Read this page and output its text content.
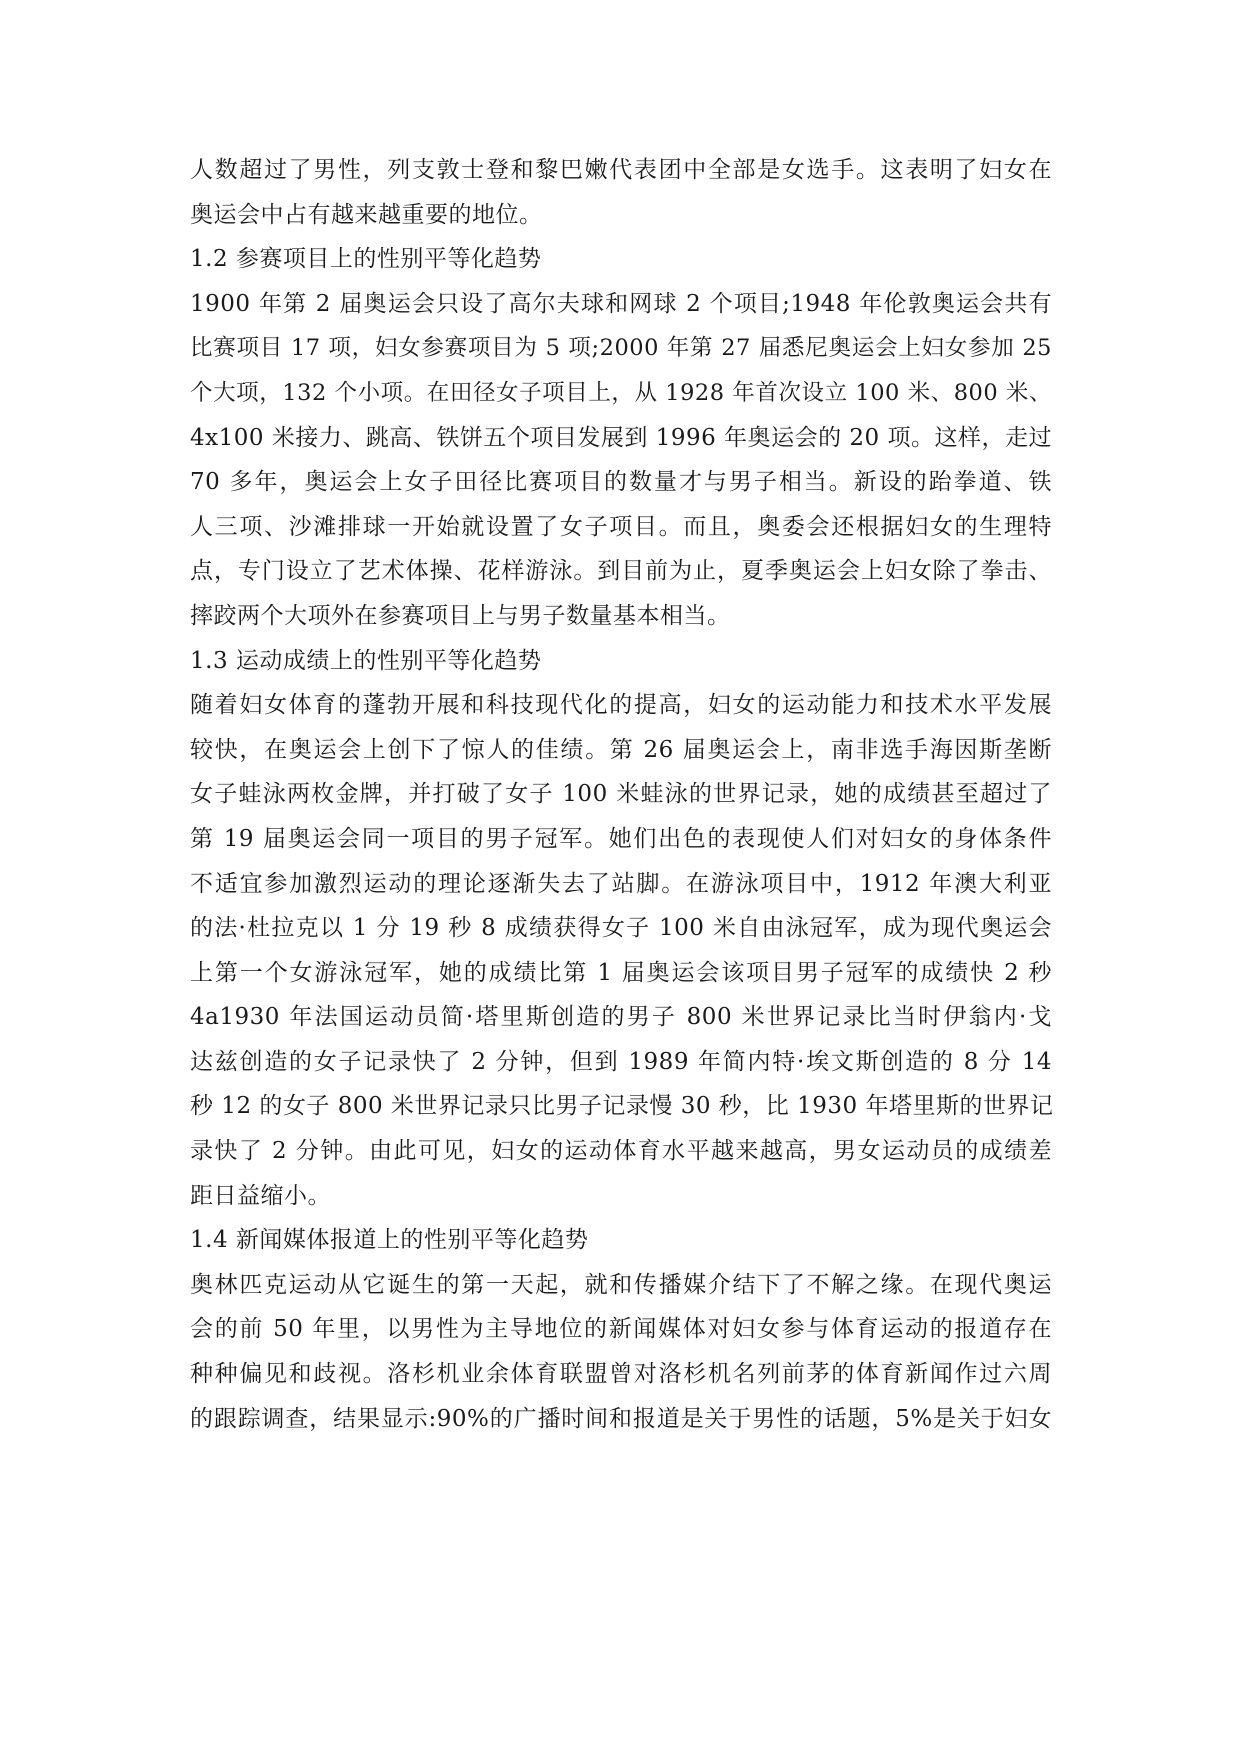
人数超过了男性，列支敦士登和黎巴嫩代表团中全部是女选手。这表明了妇女在
奥运会中占有越来越重要的地位。
1.2 参赛项目上的性别平等化趋势
1900 年第 2 届奥运会只设了高尔夫球和网球 2 个项目;1948 年伦敦奥运会共有
比赛项目 17 项，妇女参赛项目为 5 项;2000 年第 27 届悉尼奥运会上妇女参加 25
个大项，132 个小项。在田径女子项目上，从 1928 年首次设立 100 米、800 米、
4x100 米接力、跳高、铁饼五个项目发展到 1996 年奥运会的 20 项。这样，走过
70 多年，奥运会上女子田径比赛项目的数量才与男子相当。新设的跆拳道、铁
人三项、沙滩排球一开始就设置了女子项目。而且，奥委会还根据妇女的生理特
点，专门设立了艺术体操、花样游泳。到目前为止，夏季奥运会上妇女除了拳击、
摔跤两个大项外在参赛项目上与男子数量基本相当。
1.3 运动成绩上的性别平等化趋势
随着妇女体育的蓬勃开展和科技现代化的提高，妇女的运动能力和技术水平发展
较快，在奥运会上创下了惊人的佳绩。第 26 届奥运会上，南非选手海因斯垄断
女子蛙泳两枚金牌，并打破了女子 100 米蛙泳的世界记录，她的成绩甚至超过了
第 19 届奥运会同一项目的男子冠军。她们出色的表现使人们对妇女的身体条件
不适宜参加激烈运动的理论逐渐失去了站脚。在游泳项目中，1912 年澳大利亚
的法·杜拉克以 1 分 19 秒 8 成绩获得女子 100 米自由泳冠军，成为现代奥运会
上第一个女游泳冠军，她的成绩比第 1 届奥运会该项目男子冠军的成绩快 2 秒
4a1930 年法国运动员简·塔里斯创造的男子 800 米世界记录比当时伊翁内·戈
达兹创造的女子记录快了 2 分钟，但到 1989 年简内特·埃文斯创造的 8 分 14
秒 12 的女子 800 米世界记录只比男子记录慢 30 秒，比 1930 年塔里斯的世界记
录快了 2 分钟。由此可见，妇女的运动体育水平越来越高，男女运动员的成绩差
距日益缩小。
1.4 新闻媒体报道上的性别平等化趋势
奥林匹克运动从它诞生的第一天起，就和传播媒介结下了不解之缘。在现代奥运
会的前 50 年里，以男性为主导地位的新闻媒体对妇女参与体育运动的报道存在
种种偏见和歧视。洛杉机业余体育联盟曾对洛杉机名列前茅的体育新闻作过六周
的跟踪调查，结果显示:90%的广播时间和报道是关于男性的话题，5%是关于妇女
